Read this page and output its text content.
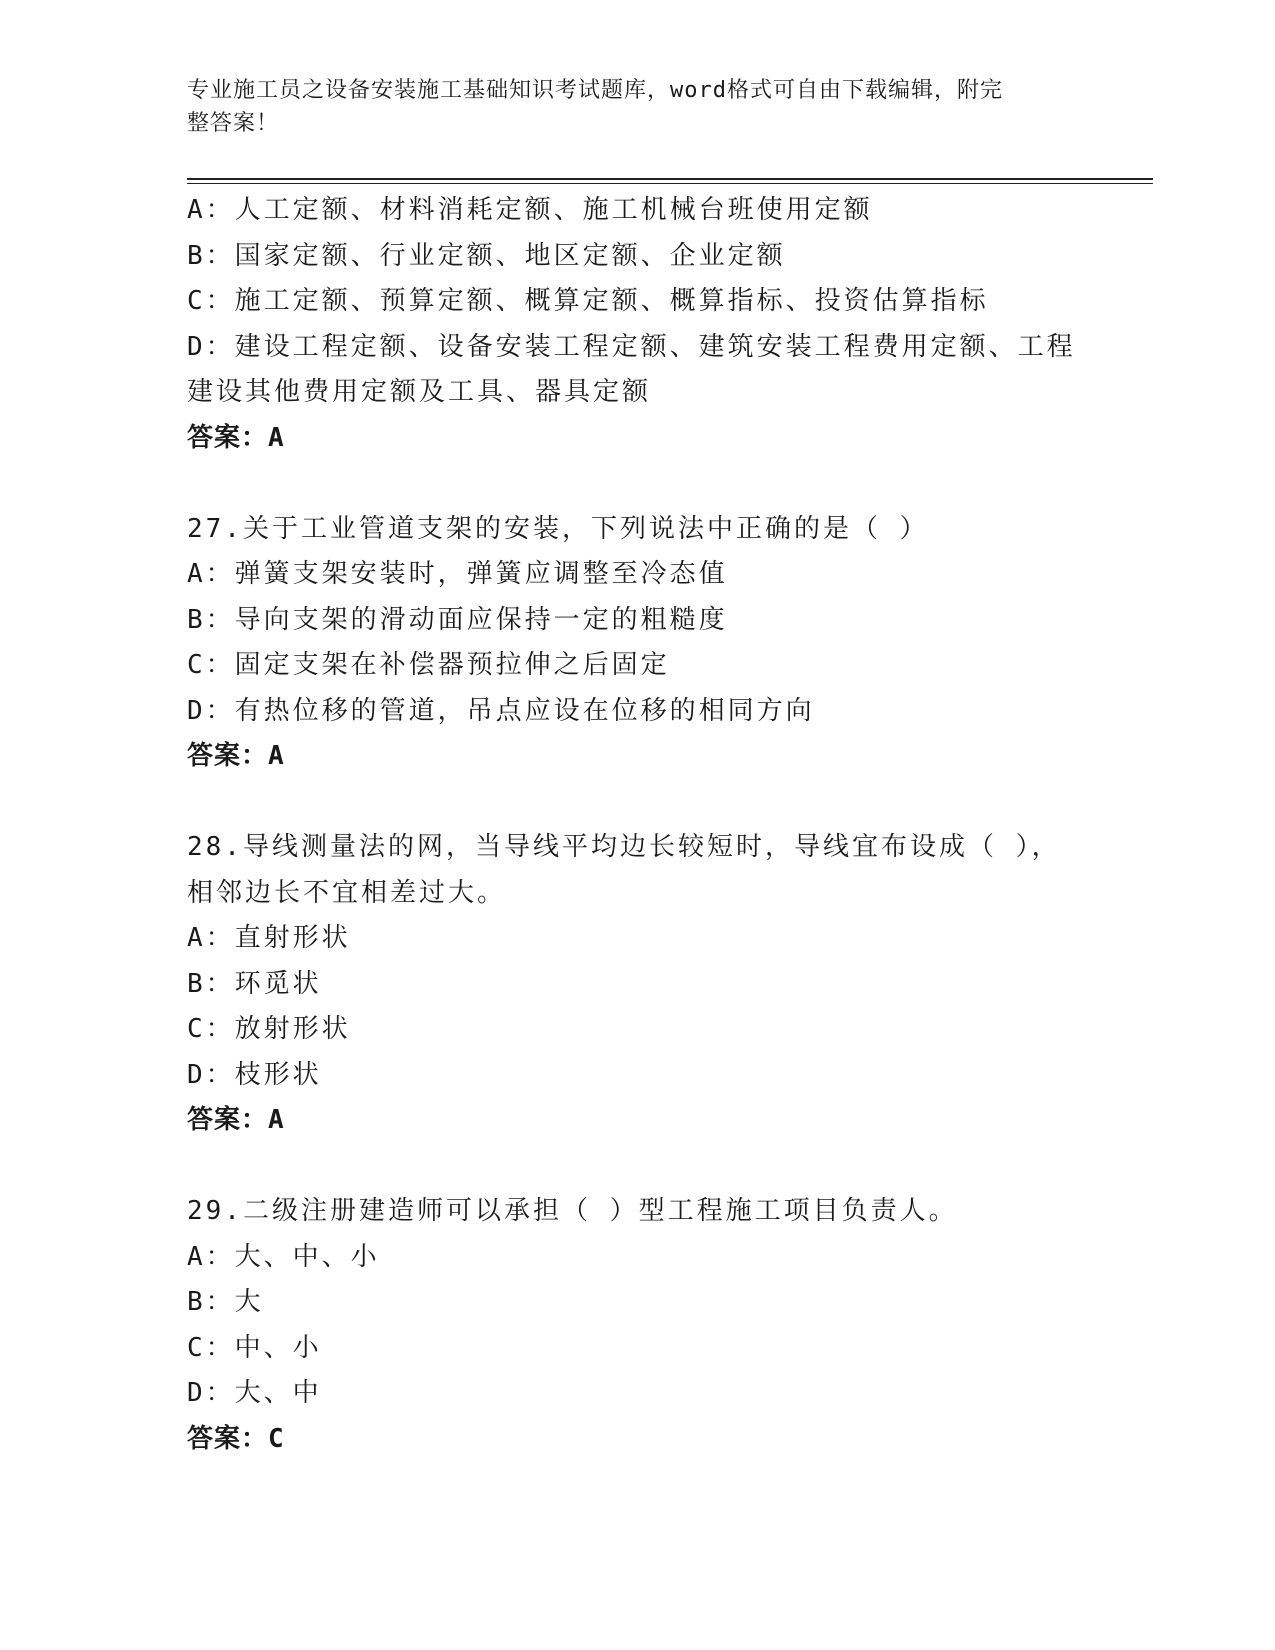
专业施工员之设备安装施工基础知识考试题库，word格式可自由下载编辑，附完
整答案！
A：人工定额、材料消耗定额、施工机械台班使用定额
B：国家定额、行业定额、地区定额、企业定额
C：施工定额、预算定额、概算定额、概算指标、投资估算指标
D：建设工程定额、设备安装工程定额、建筑安装工程费用定额、工程
建设其他费用定额及工具、器具定额
答案：A
27.关于工业管道支架的安装，下列说法中正确的是（ ）
A：弹簧支架安装时，弹簧应调整至冷态值
B：导向支架的滑动面应保持一定的粗糙度
C：固定支架在补偿器预拉伸之后固定
D：有热位移的管道，吊点应设在位移的相同方向
答案：A
28.导线测量法的网，当导线平均边长较短时，导线宜布设成（ ），
相邻边长不宜相差过大。
A：直射形状
B：环觅状
C：放射形状
D：枝形状
答案：A
29.二级注册建造师可以承担（ ）型工程施工项目负责人。
A：大、中、小
B：大
C：中、小
D：大、中
答案：C
